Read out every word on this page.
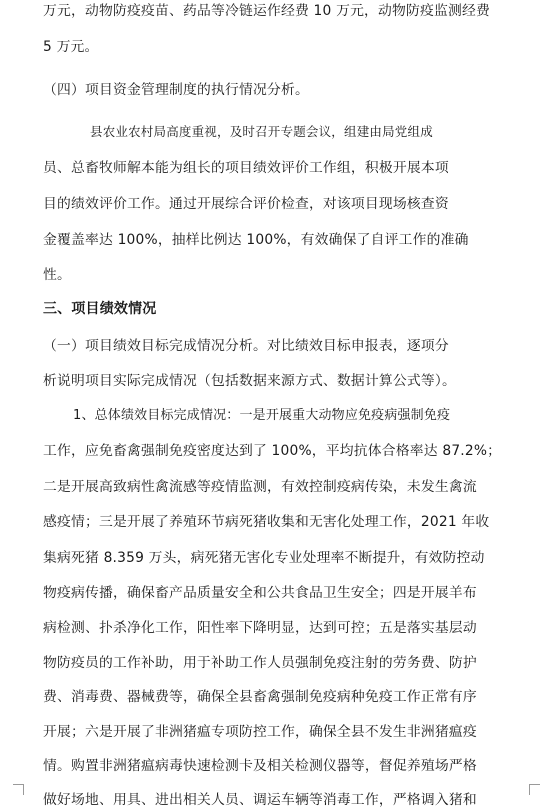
万元，动物防疫疫苗、药品等冷链运作经费 10 万元，动物防疫监测经费
5 万元。
（四）项目资金管理制度的执行情况分析。
县农业农村局高度重视，及时召开专题会议，组建由局党组成
员、总畜牧师解本能为组长的项目绩效评价工作组，积极开展本项
目的绩效评价工作。通过开展综合评价检查，对该项目现场核查资
金覆盖率达 100%，抽样比例达 100%，有效确保了自评工作的准确
性。
三、项目绩效情况
（一）项目绩效目标完成情况分析。对比绩效目标申报表，逐项分
析说明项目实际完成情况（包括数据来源方式、数据计算公式等）。
1、总体绩效目标完成情况：一是开展重大动物应免疫病强制免疫
工作，应免畜禽强制免疫密度达到了 100%，平均抗体合格率达 87.2%；
二是开展高致病性禽流感等疫情监测，有效控制疫病传染，未发生禽流
感疫情；三是开展了养殖环节病死猪收集和无害化处理工作，2021 年收
集病死猪 8.359 万头，病死猪无害化专业处理率不断提升，有效防控动
物疫病传播，确保畜产品质量安全和公共食品卫生安全；四是开展羊布
病检测、扑杀净化工作，阳性率下降明显，达到可控；五是落实基层动
物防疫员的工作补助，用于补助工作人员强制免疫注射的劳务费、防护
费、消毒费、器械费等，确保全县畜禽强制免疫病种免疫工作正常有序
开展；六是开展了非洲猪瘟专项防控工作，确保全县不发生非洲猪瘟疫
情。购置非洲猪瘟病毒快速检测卡及相关检测仪器等，督促养殖场严格
做好场地、用具、进出相关人员、调运车辆等消毒工作，严格调入猪和
